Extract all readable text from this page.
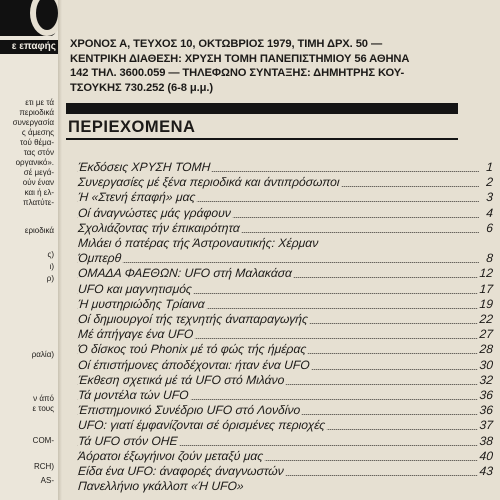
ε επαφής
ετι με τά
περιοδικά
συνεργασία
ς άμεσης
τού θέμα-
τας στόν
οργανικό».
σέ μεγά-
ούν έναν
και ή ελ-
πλατύτε-
εριοδικά
ς)
ι)
ρ)
ραλία)
ν άπό
ε τους
COM-
RCH)
AS-
ΧΡΟΝΟΣ Α, ΤΕΥΧΟΣ 10, ΟΚΤΩΒΡΙΟΣ 1979, ΤΙΜΗ ΔΡΧ. 50 —
ΚΕΝΤΡΙΚΗ ΔΙΑΘΕΣΗ: ΧΡΥΣΗ ΤΟΜΗ ΠΑΝΕΠΙΣΤΗΜΙΟΥ 56 ΑΘΗΝΑ
142 ΤΗΛ. 3600.059 — ΤΗΛΕΦΩΝΟ ΣΥΝΤΑΞΗΣ: ΔΗΜΗΤΡΗΣ ΚΟΥ-
ΤΣΟΥΚΗΣ 730.252 (6-8 μ.μ.)
ΠΕΡΙΕΧΟΜΕΝΑ
Έκδόσεις ΧΡΥΣΗ ΤΟΜΗ	1
Συνεργασίες μέ ξένα περιοδικά και άντιπρόσωποι	2
Ή «Στενή έπαφή» μας	3
Οί άναγνώστες μάς γράφουν	4
Σχολιάζοντας τήν έπικαιρότητα	6
Μιλάει ό πατέρας τής Άστροναυτικής: Χέρμαν
Όμπερθ	8
ΟΜΑΔΑ ΦΑΕΘΩΝ: UFO στή Μαλακάσα	12
UFO και μαγνητισμός	17
Ή μυστηριώδης Τρίαινα	19
Οί δημιουργοί τής τεχνητής άναπαραγωγής	22
Μέ άπήγαγε ένα UFO	27
Ό δίσκος τού Phonix μέ τό φώς τής ήμέρας	28
Οί έπιστήμονες άποδέχονται: ήταν ένα UFO	30
Έκθεση σχετικά μέ τά UFO στό Μιλάνο	32
Τά μοντέλα τών UFO	36
Έπιστημονικό Συνέδριο UFO στό Λονδίνο	36
UFO: γιατί έμφανίζονται σέ όρισμένες περιοχές	37
Τά UFO στόν ΟΗΕ	38
Άόρατοι έξωγήινοι ζούν μεταξύ μας	40
Είδα ένα UFO: άναφορές άναγνωστών	43
Πανελλήνιο γκάλλοπ «Ή UFO»
